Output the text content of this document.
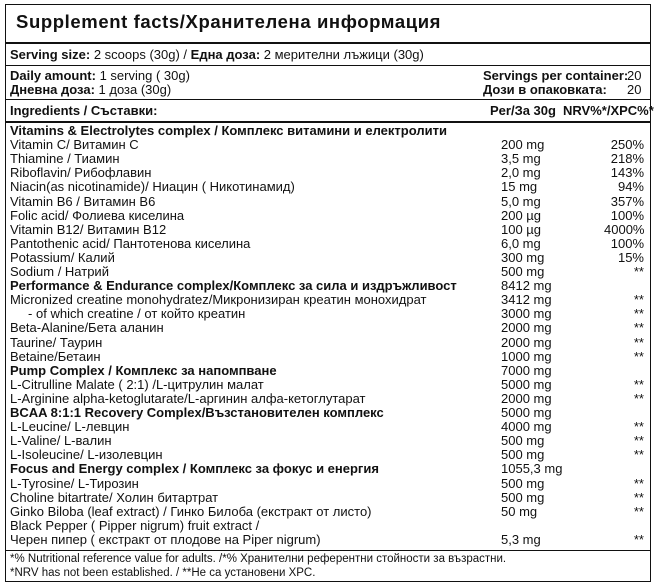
Supplement facts/Хранителена информация
Serving size: 2 scoops (30g) / Една доза: 2 мерителни лъжици (30g)
Daily amount: 1 serving ( 30g)
Дневна доза: 1 доза (30g)
Servings per container:
20
Дози в опаковката: 20
Ingredients / Съставки:	Per/За 30g NRV%*/XPC%*
Vitamins & Electrolytes complex / Комплекс витамини и електролити
Vitamin C/ Витамин C	200 mg	250%
Thiamine / Тиамин	3,5 mg	218%
Riboflavin/ Рибофлавин	2,0 mg	143%
Niacin(as nicotinamide)/ Ниацин ( Никотинамид)	15 mg	94%
Vitamin B6 / Витамин B6	5,0 mg	357%
Folic acid/ Фолиева киселина	200 µg	100%
Vitamin B12/ Витамин B12	100 µg	4000%
Pantothenic acid/ Пантотенова киселина	6,0 mg	100%
Potassium/ Калий	300 mg	15%
Sodium / Натрий	500 mg	**
Performance & Endurance complex/Комплекс за сила и издръжливост	8412 mg
Micronized creatine monohydratez/Микронизиран креатин монохидрат	3412 mg	**
- of which creatine / от който креатин	3000 mg	**
Beta-Alanine/Бета аланин	2000 mg	**
Taurine/ Таурин	2000 mg	**
Betaine/Бетаин	1000 mg	**
Pump Complex / Комплекс за напомпване	7000 mg
L-Citrulline Malate ( 2:1) /L-цитрулин малат	5000 mg	**
L-Arginine alpha-ketoglutarate/L-аргинин алфа-кетоглутарат	2000 mg	**
BCAA 8:1:1 Recovery Complex/Възстановителен комплекс	5000 mg
L-Leucine/ L-левцин	4000 mg	**
L-Valine/ L-валин	500 mg	**
L-Isoleucine/ L-изолевцин	500 mg	**
Focus and Energy complex / Комплекс за фокус и енергия	1055,3 mg
L-Tyrosine/ L-Тирозин	500 mg	**
Choline bitartrate/ Холин битартрат	500 mg	**
Ginko Biloba (leaf extract) / Гинко Билоба (екстракт от листо)	50 mg	**
Black Pepper ( Pipper nigrum) fruit extract /
Черен пипер ( екстракт от плодове на Piper nigrum)	5,3 mg	**
*% Nutritional reference value for adults. /*% Хранителни референтни стойности за възрастни.
*NRV has not been established. / **Не са установени XPC.
